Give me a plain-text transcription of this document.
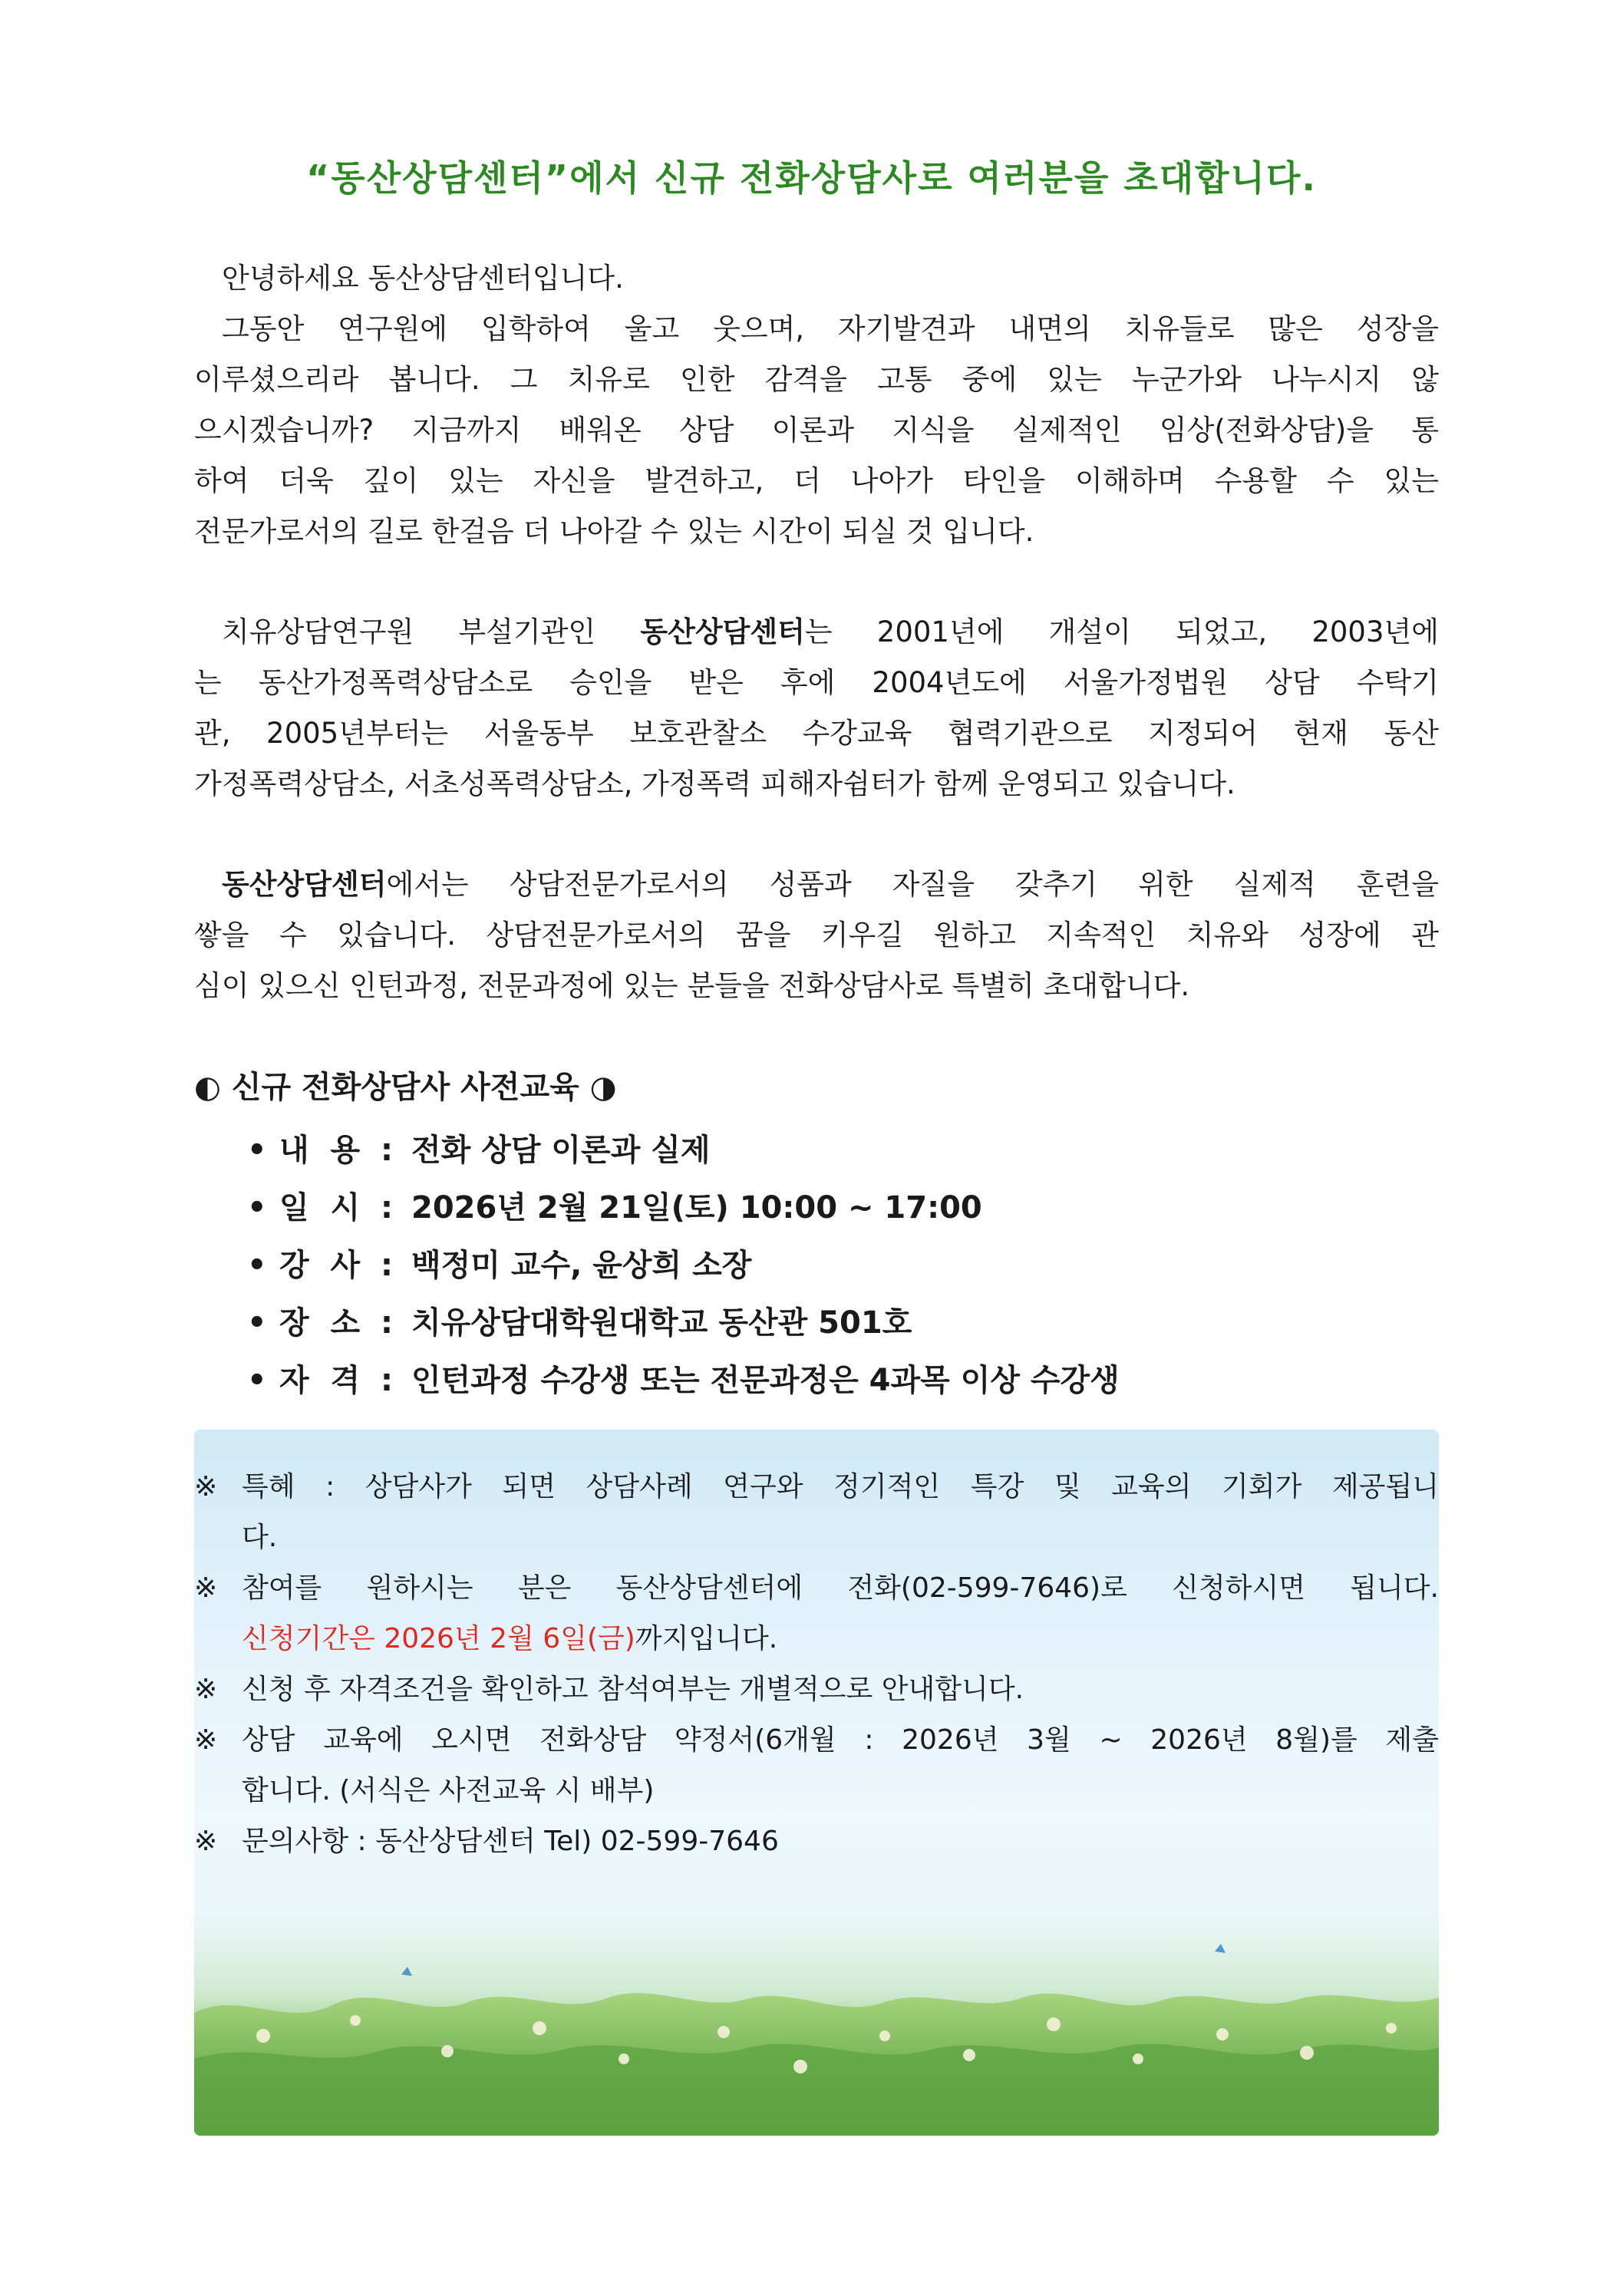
“동산상담센터”에서 신규 전화상담사로 여러분을 초대합니다.
안녕하세요 동산상담센터입니다.
그동안 연구원에 입학하여 울고 웃으며, 자기발견과 내면의 치유들로 많은 성장을
이루셨으리라 봅니다. 그 치유로 인한 감격을 고통 중에 있는 누군가와 나누시지 않
으시겠습니까? 지금까지 배워온 상담 이론과 지식을 실제적인 임상(전화상담)을 통
하여 더욱 깊이 있는 자신을 발견하고, 더 나아가 타인을 이해하며 수용할 수 있는
전문가로서의 길로 한걸음 더 나아갈 수 있는 시간이 되실 것 입니다.
치유상담연구원 부설기관인 동산상담센터는 2001년에 개설이 되었고, 2003년에
는 동산가정폭력상담소로 승인을 받은 후에 2004년도에 서울가정법원 상담 수탁기
관, 2005년부터는 서울동부 보호관찰소 수강교육 협력기관으로 지정되어 현재 동산
가정폭력상담소, 서초성폭력상담소, 가정폭력 피해자쉼터가 함께 운영되고 있습니다.
동산상담센터에서는 상담전문가로서의 성품과 자질을 갖추기 위한 실제적 훈련을
쌓을 수 있습니다. 상담전문가로서의 꿈을 키우길 원하고 지속적인 치유와 성장에 관
심이 있으신 인턴과정, 전문과정에 있는 분들을 전화상담사로 특별히 초대합니다.
◐ 신규 전화상담사 사전교육 ◑
• 내  용 : 전화 상담 이론과 실제
• 일  시 : 2026년 2월 21일(토) 10:00 ~ 17:00
• 강  사 : 백정미 교수, 윤상희 소장
• 장  소 : 치유상담대학원대학교 동산관 501호
• 자  격 : 인턴과정 수강생 또는 전문과정은 4과목 이상 수강생
※ 특혜 : 상담사가 되면 상담사례 연구와 정기적인 특강 및 교육의 기회가 제공됩니
다.
※ 참여를 원하시는 분은 동산상담센터에 전화(02-599-7646)로 신청하시면 됩니다.
신청기간은 2026년 2월 6일(금)까지입니다.
※ 신청 후 자격조건을 확인하고 참석여부는 개별적으로 안내합니다.
※ 상담 교육에 오시면 전화상담 약정서(6개월 : 2026년 3월 ~ 2026년 8월)를 제출
합니다. (서식은 사전교육 시 배부)
※ 문의사항 : 동산상담센터 Tel) 02-599-7646
